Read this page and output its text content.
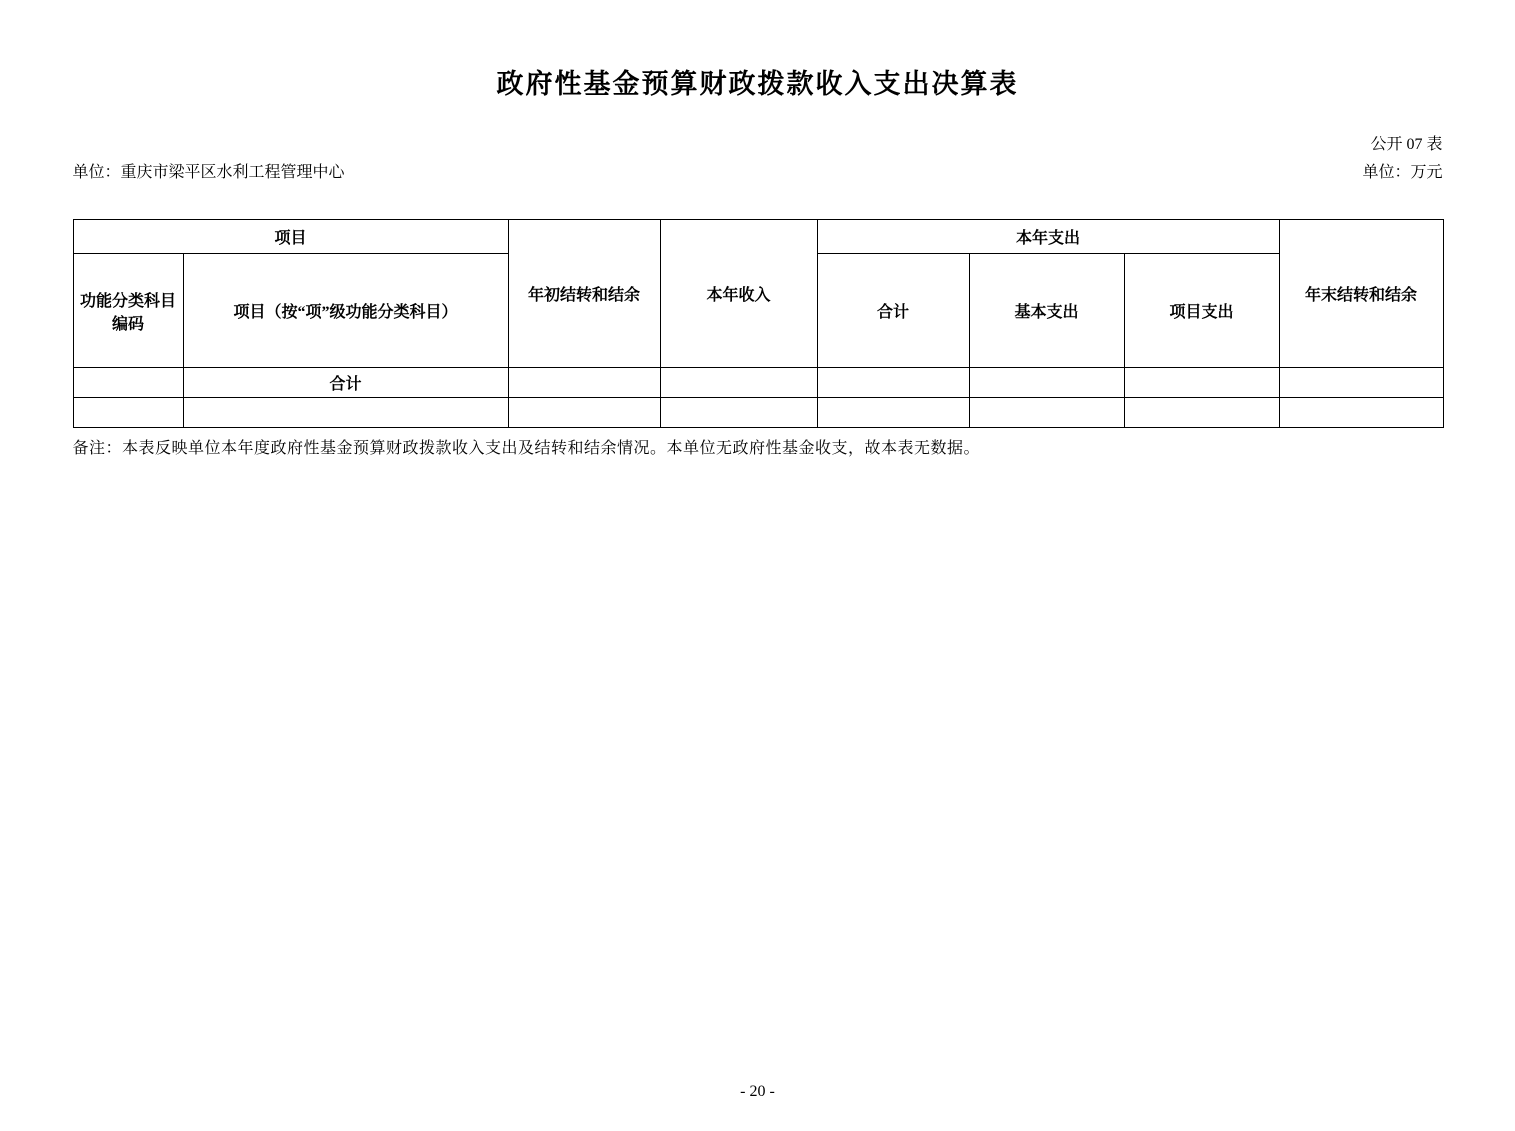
政府性基金预算财政拨款收入支出决算表
公开 07 表
单位：重庆市梁平区水利工程管理中心	单位：万元
项目		年初结转和结余	本年收入	本年支出			年末结转和结余
功能分类科目编码	项目（按“项”级功能分类科目）			合计	基本支出	项目支出	
	合计						

备注：本表反映单位本年度政府性基金预算财政拨款收入支出及结转和结余情况。本单位无政府性基金收支，故本表无数据。
- 20 -
